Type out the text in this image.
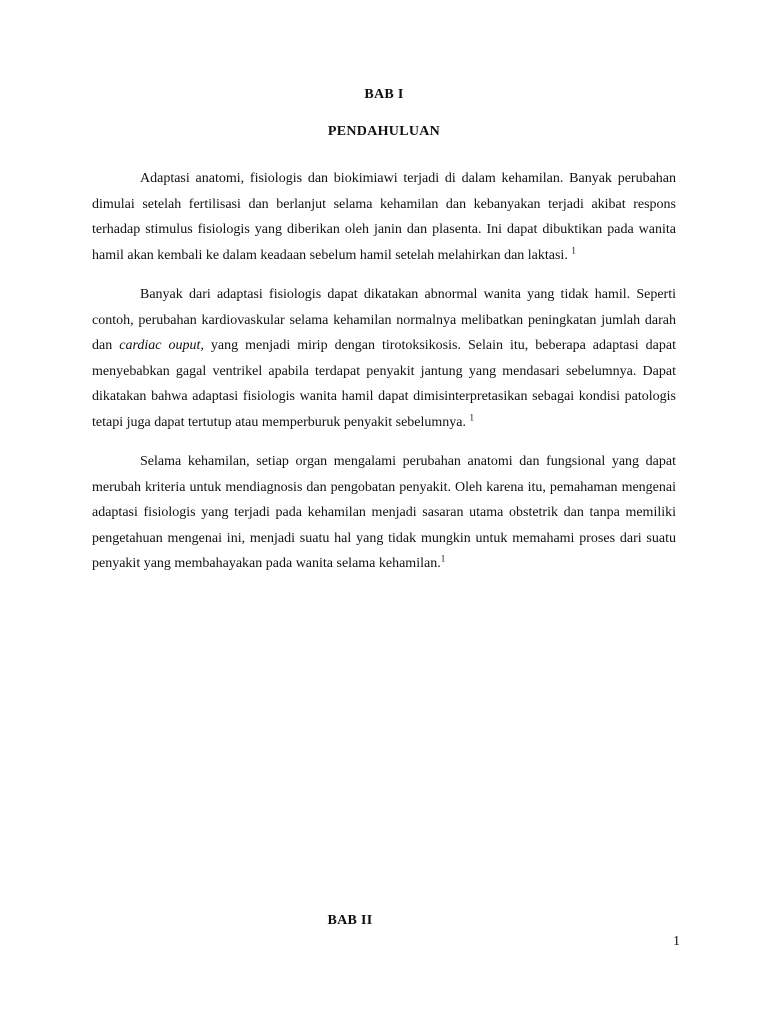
BAB I
PENDAHULUAN

Adaptasi anatomi, fisiologis dan biokimiawi terjadi di dalam kehamilan. Banyak perubahan dimulai setelah fertilisasi dan berlanjut selama kehamilan dan kebanyakan terjadi akibat respons terhadap stimulus fisiologis yang diberikan oleh janin dan plasenta. Ini dapat dibuktikan pada wanita hamil akan kembali ke dalam keadaan sebelum hamil setelah melahirkan dan laktasi. $^1$

Banyak dari adaptasi fisiologis dapat dikatakan abnormal wanita yang tidak hamil. Seperti contoh, perubahan kardiovaskular selama kehamilan normalnya melibatkan peningkatan jumlah darah dan cardiac ouput, yang menjadi mirip dengan tirotoksikosis. Selain itu, beberapa adaptasi dapat menyebabkan gagal ventrikel apabila terdapat penyakit jantung yang mendasari sebelumnya. Dapat dikatakan bahwa adaptasi fisiologis wanita hamil dapat dimisinterpretasikan sebagai kondisi patologis tetapi juga dapat tertutup atau memperburuk penyakit sebelumnya. $^1$

Selama kehamilan, setiap organ mengalami perubahan anatomi dan fungsional yang dapat merubah kriteria untuk mendiagnosis dan pengobatan penyakit. Oleh karena itu, pemahaman mengenai adaptasi fisiologis yang terjadi pada kehamilan menjadi sasaran utama obstetrik dan tanpa memiliki pengetahuan mengenai ini, menjadi suatu hal yang tidak mungkin untuk memahami proses dari suatu penyakit yang membahayakan pada wanita selama kehamilan.$^1$

BAB II
1
